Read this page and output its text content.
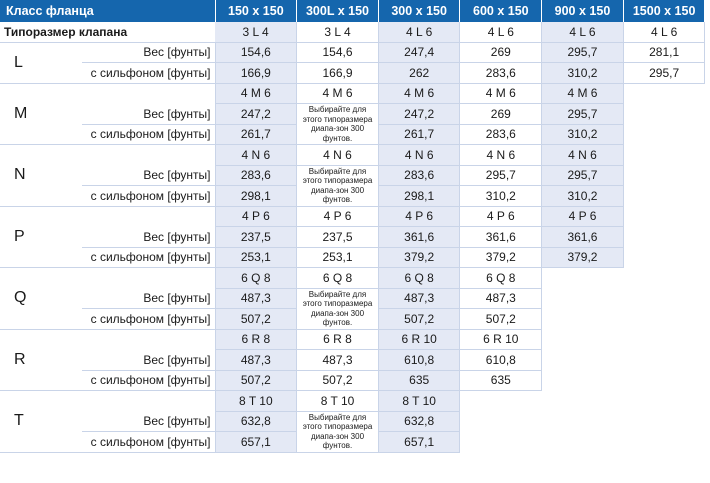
Класс фланца		150 x 150	300L x 150	300 x 150	600 x 150	900 x 150	1500 x 150
Типоразмер клапана		3 L 4	3 L 4	4 L 6	4 L 6	4 L 6	4 L 6
L	Вес [фунты]	154,6	154,6	247,4	269	295,7	281,1
	с сильфоном [фунты]	166,9	166,9	262	283,6	310,2	295,7
M		4 M 6	4 M 6	4 M 6	4 M 6	4 M 6	
	Вес [фунты]	247,2	Выбирайте для этого типоразмера диапа-зон 300 фунтов.	247,2	269	295,7	
	с сильфоном [фунты]	261,7		261,7	283,6	310,2	
N		4 N 6	4 N 6	4 N 6	4 N 6	4 N 6	
	Вес [фунты]	283,6	Выбирайте для этого типоразмера диапа-зон 300 фунтов.	283,6	295,7	295,7	
	с сильфоном [фунты]	298,1		298,1	310,2	310,2	
P		4 P 6	4 P 6	4 P 6	4 P 6	4 P 6	
	Вес [фунты]	237,5	237,5	361,6	361,6	361,6	
	с сильфоном [фунты]	253,1	253,1	379,2	379,2	379,2	
Q		6 Q 8	6 Q 8	6 Q 8	6 Q 8		
	Вес [фунты]	487,3	Выбирайте для этого типоразмера диапа-зон 300 фунтов.	487,3	487,3		
	с сильфоном [фунты]	507,2		507,2	507,2		
R		6 R 8	6 R 8	6 R 10	6 R 10		
	Вес [фунты]	487,3	487,3	610,8	610,8		
	с сильфоном [фунты]	507,2	507,2	635	635		
T		8 T 10	8 T 10	8 T 10			
	Вес [фунты]	632,8	Выбирайте для этого типоразмера диапа-зон 300 фунтов.	632,8			
	с сильфоном [фунты]	657,1		657,1			
